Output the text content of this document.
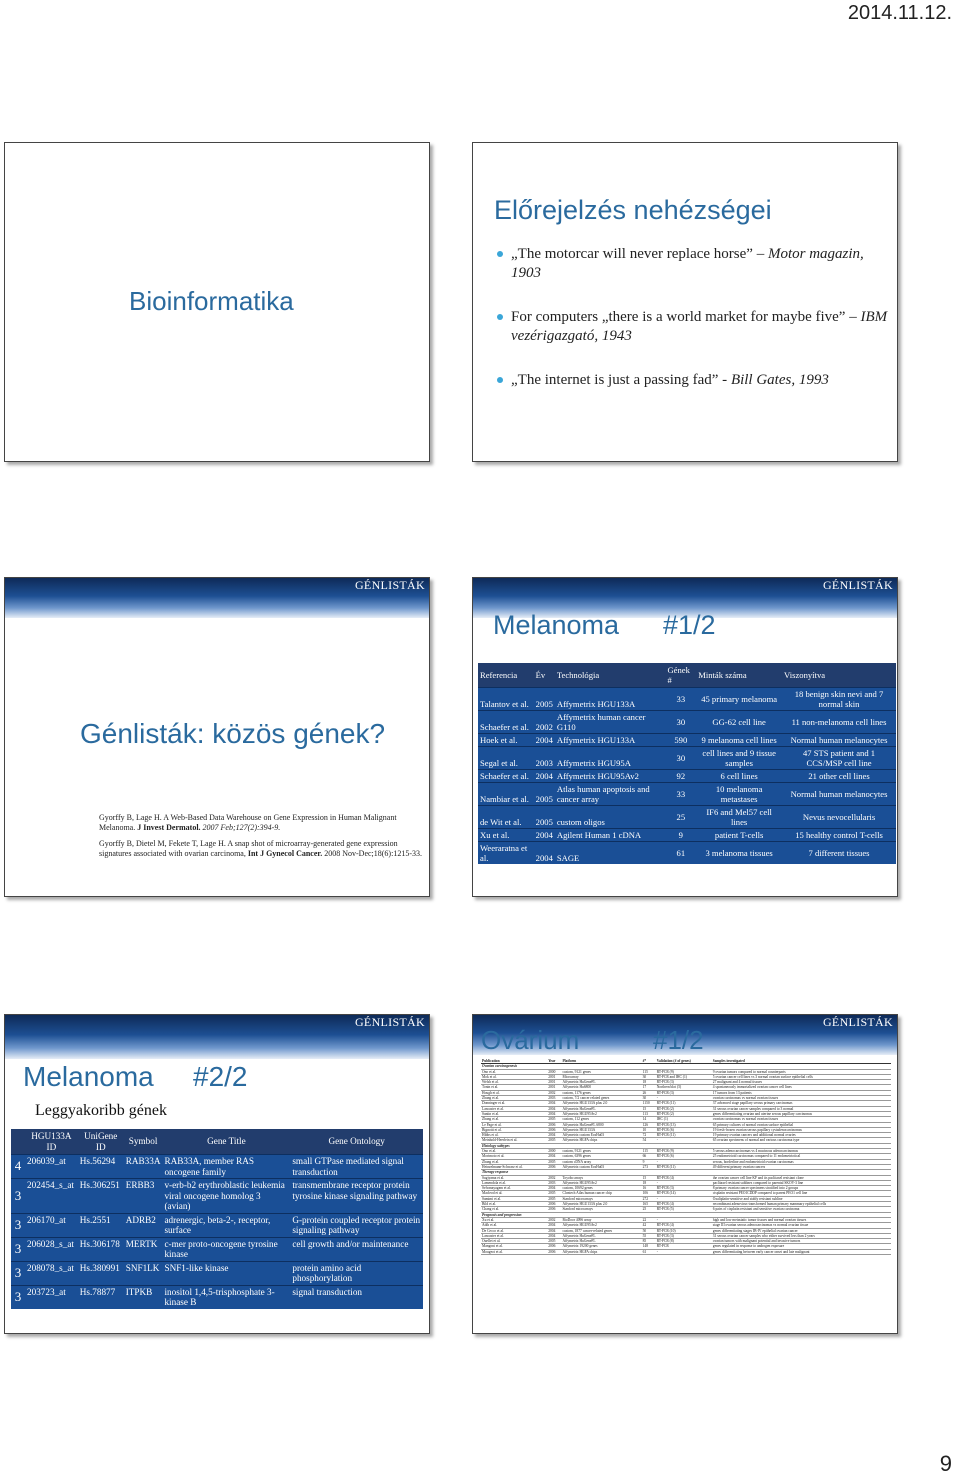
2014.11.12.
Bioinformatika
Előrejelzés nehézségei
„The motorcar will never replace horse” – Motor magazin, 1903
For computers „there is a world market for maybe five” – IBM vezérigazgató, 1943
„The internet is just a passing fad” - Bill Gates, 1993
GÉNLISTÁK
Génlisták: közös gének?

Gyorffy B, Lage H. A Web-Based Data Warehouse on Gene Expression in Human Malignant Melanoma. J Invest Dermatol. 2007 Feb;127(2):394-9.

Gyorffy B, Dietel M, Fekete T, Lage H. A snap shot of microarray-generated gene expression signatures associated with ovarian carcinoma, Int J Gynecol Cancer. 2008 Nov-Dec;18(6):1215-33.

GÉNLISTÁK
Melanoma #1/2
Referencia	Év	Technológia	Gének #	Minták száma	Viszonyítva
Talantov et al.	2005	Affymetrix HGU133A	33	45 primary melanoma	18 benign skin nevi and 7 normal skin
Schaefer et al.	2002	Affymetrix human cancer G110	30	GG-62 cell line	11 non-melanoma cell lines
Hoek et al.	2004	Affymetrix HGU133A	590	9 melanoma cell lines	Normal human melanocytes
Segal et al.	2003	Affymetrix HGU95A	30	cell lines and 9 tissue samples	47 STS patient and 1 CCS/MSP cell line
Schaefer et al.	2004	Affymetrix HGU95Av2	92	6 cell lines	21 other cell lines
Nambiar et al.	2005	Atlas human apoptosis and cancer array	33	10 melanoma metastases	Normal human melanocytes
de Wit et al.	2005	custom oligos	25	IF6 and Mel57 cell lines	Nevus nevocellularis
Xu et al.	2004	Agilent Human 1 cDNA	9	patient T-cells	15 healthy control T-cells
Weeraratna et al.	2004	SAGE	61	3 melanoma tissues	7 different tissues
GÉNLISTÁK
Melanoma #2/2
Leggyakoribb gének
	HGU133A ID	UniGene ID	Symbol	Gene Title	Gene Ontology
4	206039_at	Hs.56294	RAB33A	RAB33A, member RAS oncogene family	small GTPase mediated signal transduction
3	202454_s_at	Hs.306251	ERBB3	v-erb-b2 erythroblastic leukemia viral oncogene homolog 3 (avian)	transmembrane receptor protein tyrosine kinase signaling pathway
3	206170_at	Hs.2551	ADRB2	adrenergic, beta-2-, receptor, surface	G-protein coupled receptor protein signaling pathway
3	206028_s_at	Hs.306178	MERTK	c-mer proto-oncogene tyrosine kinase	cell growth and/or maintenance
3	208078_s_at	Hs.380991	SNF1LK	SNF1-like kinase	protein amino acid phosphorylation
3	203723_at	Hs.78877	ITPKB	inositol 1,4,5-trisphosphate 3-kinase B	signal transduction
GÉNLISTÁK
Ovárium	#1/2
Publication	Year	Platform	#*	Validation (# of genes)	Samples investigated
Ovarian carcinogenesis					
Ono et al.	2000	custom, 9121 genes	115	RT-PCR (9)	9 ovarian tumors compared to normal counterparts
Mok et al.	2001	Microarray	30	RT-PCR and IHC (1)	5 ovarian cancer cell lines vs 3 normal ovarian surface epithelial cells
Welsh et al.	2001	Affymetrix HuGeneFL	18	RT-PCR (3)	27 malignant and 4 normal tissues
Tonin et al.	2001	Affymetrix Hu6800	17	Northern blot (5)	4 spontaneously immortalized ovarian cancer cell lines
Hough et al.	2002	custom, 1176 genes	26	RT-PCR (3)	17 tumors from 13 patients
Zhang et al.	2003	custom, 7/2 cancer related genes	30	-	ovarian carcinomas vs normal ovarian tissues
Donninger et al.	2004	Affymetrix HGU133A plus 2.0	1150	RT-PCR (11)	37 advanced stage papillary serous primary carcinomas
Lancaster et al.	2004	Affymetrix HuGeneFL	15	RT-PCR (2)	31 serous ovarian cancer samples compared to 3 normal
Santin et al.	2004	Affymetrix HGU95Av2	113	RT-PCR (2)	genes differentiating ovarian and uterine serous papillary carcinomas
Zhang et al.	2005	custom, 112 genes	14	IHC (1)	ovarian carcinomas vs normal ovarian tissues
Le Page et al.	2006	Affymetrix HuGeneFL 6800	126	RT-PCR (13)	65 primary cultures of normal ovarian surface epithelial
Bignotti et al.	2006	Affymetrix HGU133A	10	RT-PCR (6)	19 fresh-frozen ovarian serous papillary cystadenocarcinomas
Hibbs et al.	2004	Affymetrix custom EosHu03	72	RT-PCR (11)	19 primary ovarian cancers and additional normal ovaries
Meinhold-Heerlein et al.	2005	Affymetrix HGFA chips	54	-	65 ovarian specimens of normal and various carcinoma type
Histology subtypes					
Ono et al.	2000	custom, 9121 genes	115	RT-PCR (9)	5 serous adenocarcinomas vs 4 mucinous adenocarcinomas
Morimoto et al.	2004	custom, 6396 genes	66	RT-PCR (6)	25 endometrioid carcinomas compared to 11 endometriotical
Zhang et al.	2005	custom cDNA array	9	-	serous, borderline and endometrioid ovarian carcinomas
Heinzelmann-Schwarz et al.	2006	Affymetrix custom EosHu03	273	RT-PCR (11)	49 different primary ovarian cancers
Therapy response					
Sugiyama et al.	2002	Toyobo arrays	15	RT-PCR (4)	the ovarian cancer cell line KF and its paclitaxel resistant clone
Lamendola et al.	2003	Affymetrix HGU95Av2	18	-	paclitaxel resistant sublines compared to parental SKOV-3 line
Selvanayagam et al.	2004	custom, 10692 genes	16	RT-PCR (3)	8 primary ovarian cancer specimens stratified into 2 groups
Macleod et al.	2005	Clontech Atlas human cancer chip	106	RT-PCR (14)	cisplatin resistant PEO1CDDP compared to parent PEO1 cell line
Samimi et al.	2005	Stanford microarrays	272	-	Oxaliplatin-sensitive and stably resistant subline
Bild et al.	2006	Affymetrix HGU133A plus 2.0	165	RT-PCR (4)	recombinant adenovirus-transformed human primary mammary epithelial cells
Chang et al.	2006	Stanford microarrays	25	RT-PCR (5)	6 pairs of cisplatin resistant and sensitive ovarian carcinoma
Prognosis and progression					
Xu et al.	2002	BioDoor 4096 array	22	-	high and low metastatic tumor tissues and normal ovarian tissues
Adib et al.	2004	Affymetrix HGU95Av2	42	RT-PCR (4)	stage III ovarian serous adenocarcinomas vs normal ovarian tissue
De Cecco et al.	2004	custom, 1877 cancer-related genes	50	RT-PCR (10)	genes differentiating stages IB-IV epithelial ovarian cancer
Lancaster et al.	2004	Affymetrix HuGeneFL	55	RT-PCR (3)	31 serous ovarian cancer samples who either survived less than 2 years
Ouellet et al.	2005	Affymetrix HuGeneFL	85	RT-PCR (8)	ovarian tumors with malignant potential and invasive tumors
Mangoni et al.	2006	Affymetrix 19200 genes	148	RT-PCR	genes regulated in response to androgen exposure
Mougeot et al.	2006	Affymetrix HGFA chips	61	-	genes differentiating between early cancer onset and late malignant
9
